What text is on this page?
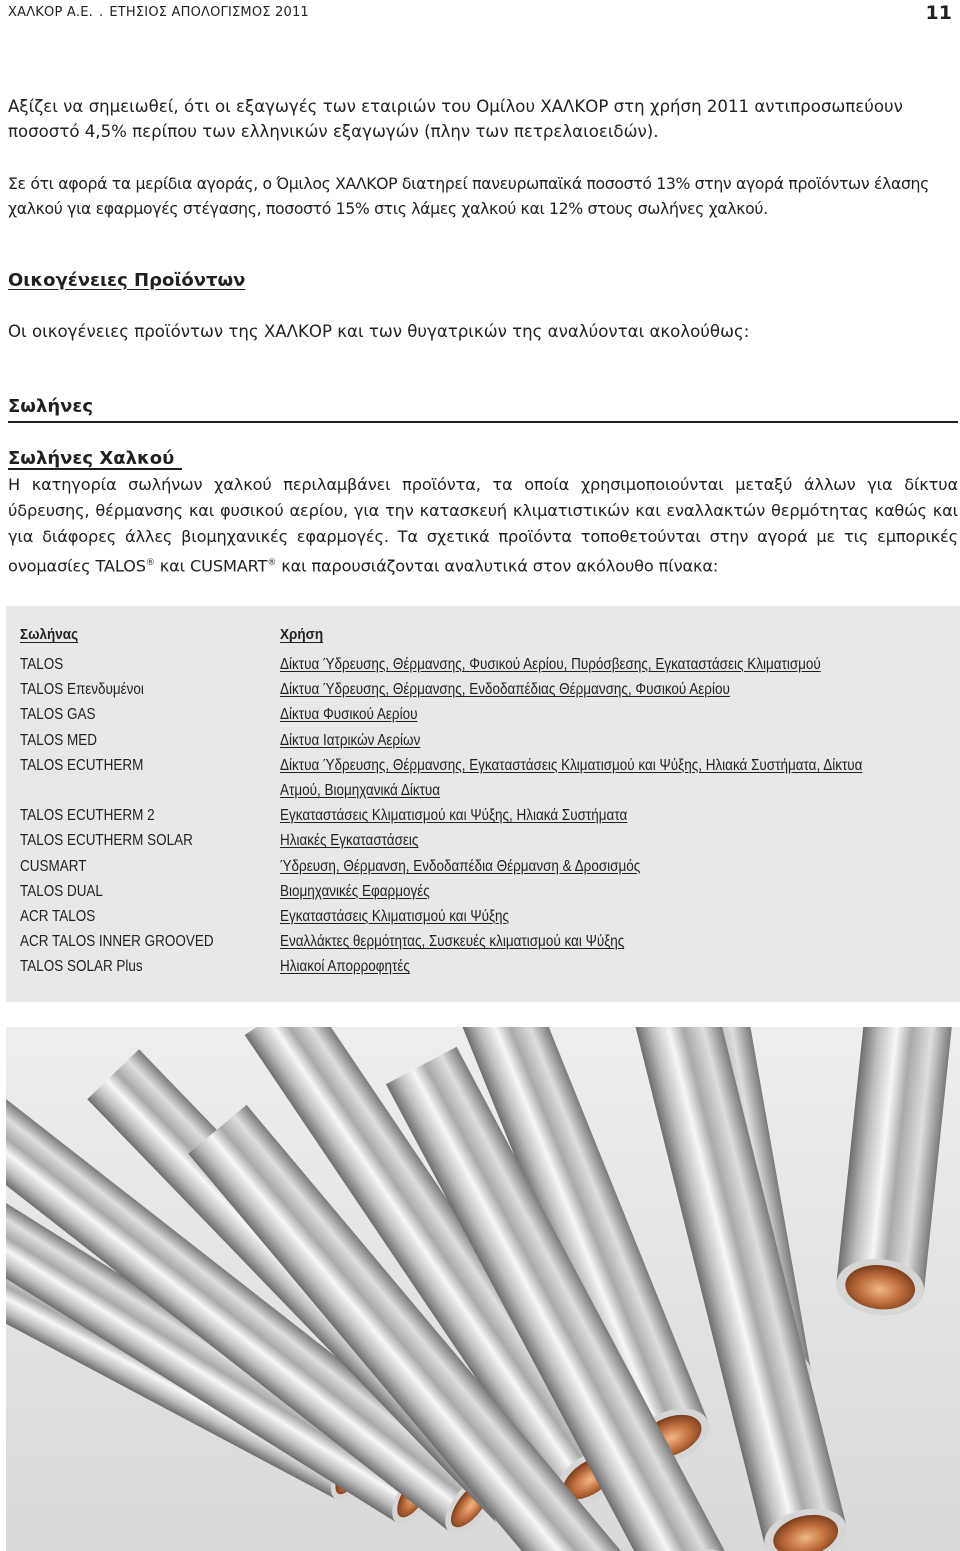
ΧΑΛΚΟΡ Α.Ε. . ΕΤΗΣΙΟΣ ΑΠΟΛΟΓΙΣΜΟΣ 2011	11
Αξίζει να σημειωθεί, ότι οι εξαγωγές των εταιριών του Ομίλου ΧΑΛΚΟΡ στη χρήση 2011 αντιπροσωπεύουν ποσοστό 4,5% περίπου των ελληνικών εξαγωγών (πλην των πετρελαιοειδών).
Σε ότι αφορά τα μερίδια αγοράς, ο Όμιλος ΧΑΛΚΟΡ διατηρεί πανευρωπαϊκά ποσοστό 13% στην αγορά προϊόντων έλασης χαλκού για εφαρμογές στέγασης, ποσοστό 15% στις λάμες χαλκού και 12% στους σωλήνες χαλκού.
Οικογένειες Προϊόντων
Οι οικογένειες προϊόντων της ΧΑΛΚΟΡ και των θυγατρικών της αναλύονται ακολούθως:
Σωλήνες
Σωλήνες Χαλκού
Η κατηγορία σωλήνων χαλκού περιλαμβάνει προϊόντα, τα οποία χρησιμοποιούνται μεταξύ άλλων για δίκτυα ύδρευσης, θέρμανσης και φυσικού αερίου, για την κατασκευή κλιματιστικών και εναλλακτών θερμότητας καθώς και για διάφορες άλλες βιομηχανικές εφαρμογές. Τα σχετικά προϊόντα τοποθετούνται στην αγορά με τις εμπορικές ονομασίες TALOS® και CUSMART® και παρουσιάζονται αναλυτικά στον ακόλουθο πίνακα:
Σωλήνας	Χρήση
TALOS	Δίκτυα Ύδρευσης, Θέρμανσης, Φυσικού Αερίου, Πυρόσβεσης, Εγκαταστάσεις Κλιματισμού
TALOS Επενδυμένοι	Δίκτυα Ύδρευσης, Θέρμανσης, Ενδοδαπέδιας Θέρμανσης, Φυσικού Αερίου
TALOS GAS	Δίκτυα Φυσικού Αερίου
TALOS MED	Δίκτυα Ιατρικών Αερίων
TALOS ECUTHERM	Δίκτυα Ύδρευσης, Θέρμανσης, Εγκαταστάσεις Κλιματισμού και Ψύξης, Ηλιακά Συστήματα, Δίκτυα
Ατμού, Βιομηχανικά Δίκτυα
TALOS ECUTHERM 2	Εγκαταστάσεις Κλιματισμού και Ψύξης, Ηλιακά Συστήματα
TALOS ECUTHERM SOLAR	Ηλιακές Εγκαταστάσεις
CUSMART	Ύδρευση, Θέρμανση, Ενδοδαπέδια Θέρμανση & Δροσισμός
TALOS DUAL	Βιομηχανικές Εφαρμογές
ACR TALOS	Εγκαταστάσεις Κλιματισμού και Ψύξης
ACR TALOS INNER GROOVED	Εναλλάκτες θερμότητας, Συσκευές κλιματισμού και Ψύξης
TALOS SOLAR Plus	Ηλιακοί Απορροφητές
